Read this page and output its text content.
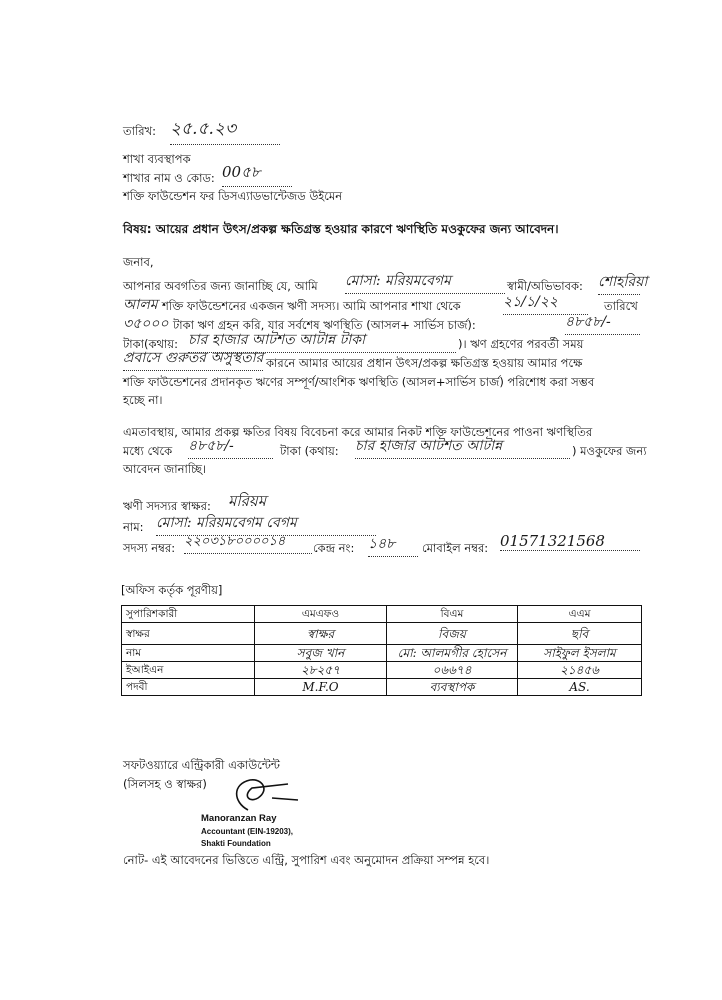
তারিখ: ২৫.৫.২৩
শাখা ব্যবস্থাপক
শাখার নাম ও কোড: 00৫৮
শক্তি ফাউন্ডেশন ফর ডিসএ্যাডভান্টেজড উইমেন
বিষয়: আয়ের প্রধান উৎস/প্রকল্প ক্ষতিগ্রস্ত হওয়ার কারণে ঋণস্থিতি মওকুফের জন্য আবেদন।
জনাব,
আপনার অবগতির জন্য জানাচ্ছি যে, আমি মোসা: মরিয়মবেগম	স্বামী/অভিভাবক: শোহরিয়া
আলম শক্তি ফাউন্ডেশনের একজন ঋণী সদস্য। আমি আপনার শাখা থেকে	২১/১/২২	তারিখে
৩৫০০০ টাকা ঋণ গ্রহন করি, যার সর্বশেষ ঋণস্থিতি (আসল+ সার্ভিস চার্জ):	৪৮৫৮/-
টাকা(কথায়: চার হাজার আটশত আটান্ন টাকা	)। ঋণ গ্রহণের পরবর্তী সময়
প্রবাসে গুরুতর অসুস্থতার কারনে আমার আয়ের প্রধান উৎস/প্রকল্প ক্ষতিগ্রস্ত হওয়ায় আমার পক্ষে
শক্তি ফাউন্ডেশনের প্রদানকৃত ঋণের সম্পূর্ণ/আংশিক ঋণস্থিতি (আসল+সার্ভিস চার্জ) পরিশোধ করা সম্ভব
হচ্ছে না।
এমতাবস্থায়, আমার প্রকল্প ক্ষতির বিষয় বিবেচনা করে আমার নিকট শক্তি ফাউন্ডেশনের পাওনা ঋণস্থিতির
মধ্যে থেকে ৪৮৫৮/-	টাকা (কথায়: চার হাজার আটশত আটান্ন	) মওকুফের জন্য
আবেদন জানাচ্ছি।
ঋণী সদস্যর স্বাক্ষর: মরিয়ম
নাম: মোসা: মরিয়মবেগম বেগম
সদস্য নম্বর: ২২০৩১৮০০০০১৪	কেন্দ্র নং: ১৪৮	মোবাইল নম্বর: 01571321568
[অফিস কর্তৃক পূরণীয়]
সুপারিশকারী	এমএফও	বিএম	এএম
স্বাক্ষর	স্বাক্ষর	বিজয়	ছবি
নাম	সবুজ খান	মো: আলমগীর হোসেন	সাইফুল ইসলাম
ইআইএন	২৮২৫৭	০৬৬৭৪	২১৪৫৬
পদবী	M.F.O	ব্যবস্থাপক	AS.
সফটওয়্যারে এন্ট্রিকারী একাউন্টেন্ট
(সিলসহ ও স্বাক্ষর)
Manoranzan Ray
Accountant (EIN-19203),
Shakti Foundation
নোট- এই আবেদনের ভিত্তিতে এন্ট্রি, সুপারিশ এবং অনুমোদন প্রক্রিয়া সম্পন্ন হবে।
